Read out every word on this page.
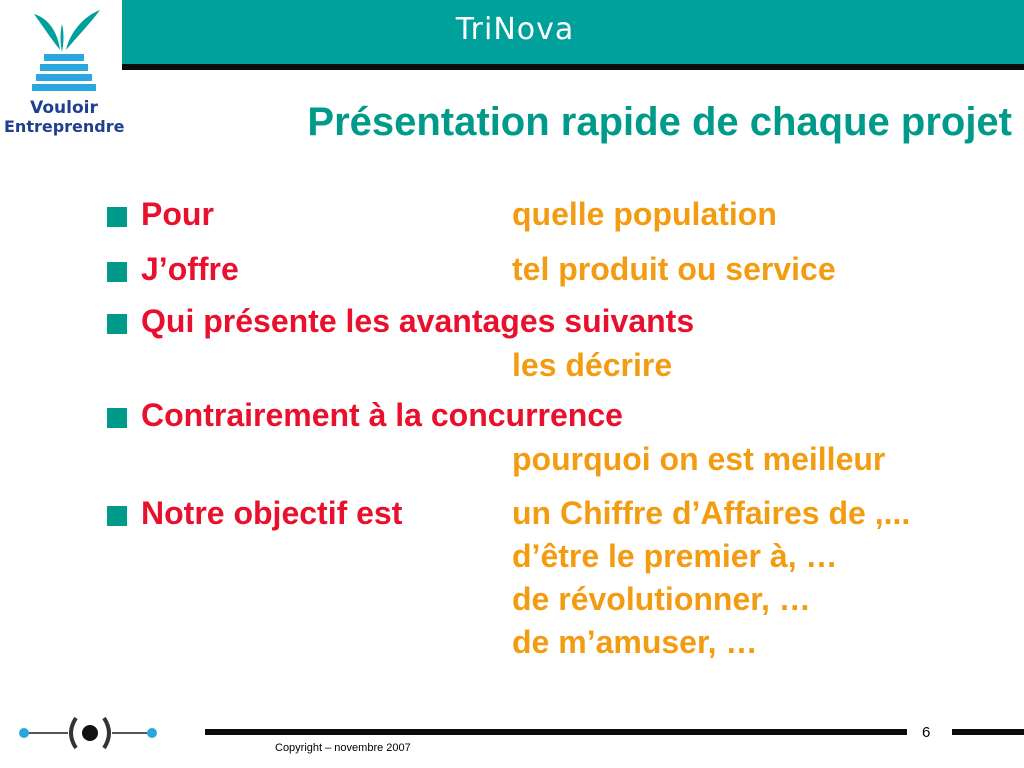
TriNova
Vouloir
Entreprendre	Présentation rapide de chaque projet
Pour	quelle population
J’offre	tel produit ou service
Qui présente les avantages suivants
les décrire
Contrairement à la concurrence
pourquoi on est meilleur
Notre objectif est	un Chiffre d’Affaires de ,...
d’être le premier à, …
de révolutionner, …
de m’amuser, …
6
Copyright – novembre 2007
